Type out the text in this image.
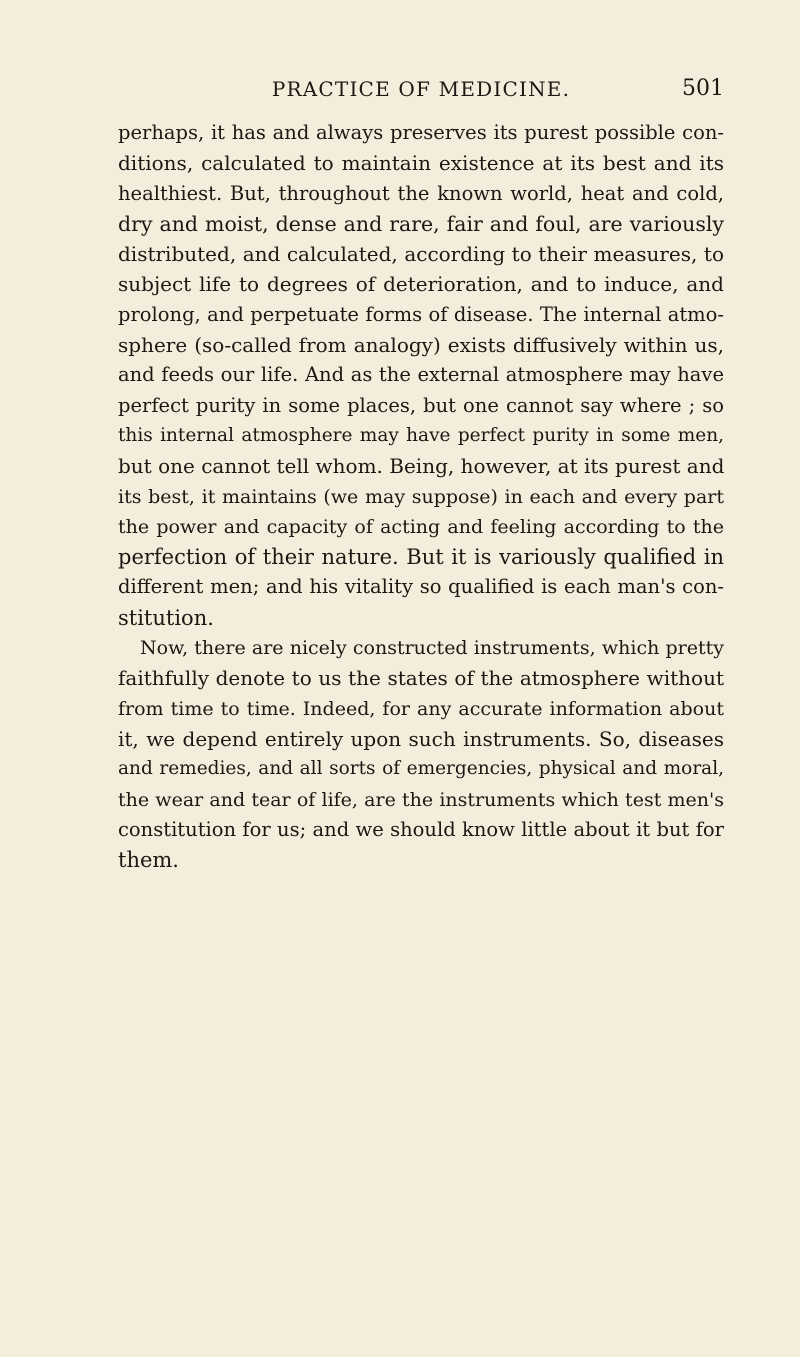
PRACTICE OF MEDICINE.	501
perhaps, it has and always preserves its purest possible con-
ditions, calculated to maintain existence at its best and its
healthiest. But, throughout the known world, heat and cold,
dry and moist, dense and rare, fair and foul, are variously
distributed, and calculated, according to their measures, to
subject life to degrees of deterioration, and to induce, and
prolong, and perpetuate forms of disease. The internal atmo-
sphere (so-called from analogy) exists diffusively within us,
and feeds our life. And as the external atmosphere may have
perfect purity in some places, but one cannot say where ; so
this internal atmosphere may have perfect purity in some men,
but one cannot tell whom. Being, however, at its purest and
its best, it maintains (we may suppose) in each and every part
the power and capacity of acting and feeling according to the
perfection of their nature. But it is variously qualified in
different men; and his vitality so qualified is each man's con-
stitution.
Now, there are nicely constructed instruments, which pretty
faithfully denote to us the states of the atmosphere without
from time to time. Indeed, for any accurate information about
it, we depend entirely upon such instruments. So, diseases
and remedies, and all sorts of emergencies, physical and moral,
the wear and tear of life, are the instruments which test men's
constitution for us; and we should know little about it but for
them.
